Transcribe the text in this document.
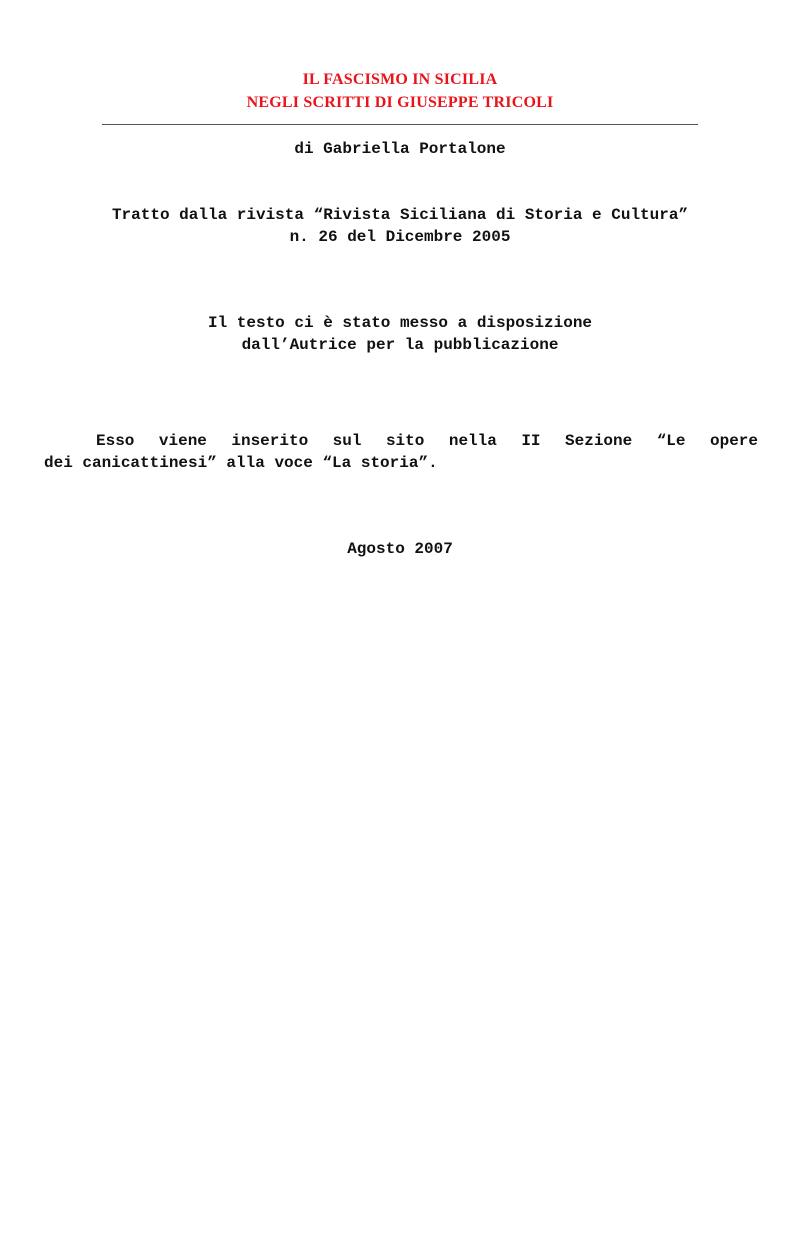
IL FASCISMO IN SICILIA
NEGLI SCRITTI DI GIUSEPPE TRICOLI
di Gabriella Portalone
Tratto dalla rivista “Rivista Siciliana di Storia e Cultura”
n. 26 del Dicembre 2005
Il testo ci è stato messo a disposizione
dall’Autrice per la pubblicazione
Esso viene inserito sul sito nella II Sezione “Le opere
dei canicattinesi” alla voce “La storia”.
Agosto 2007
